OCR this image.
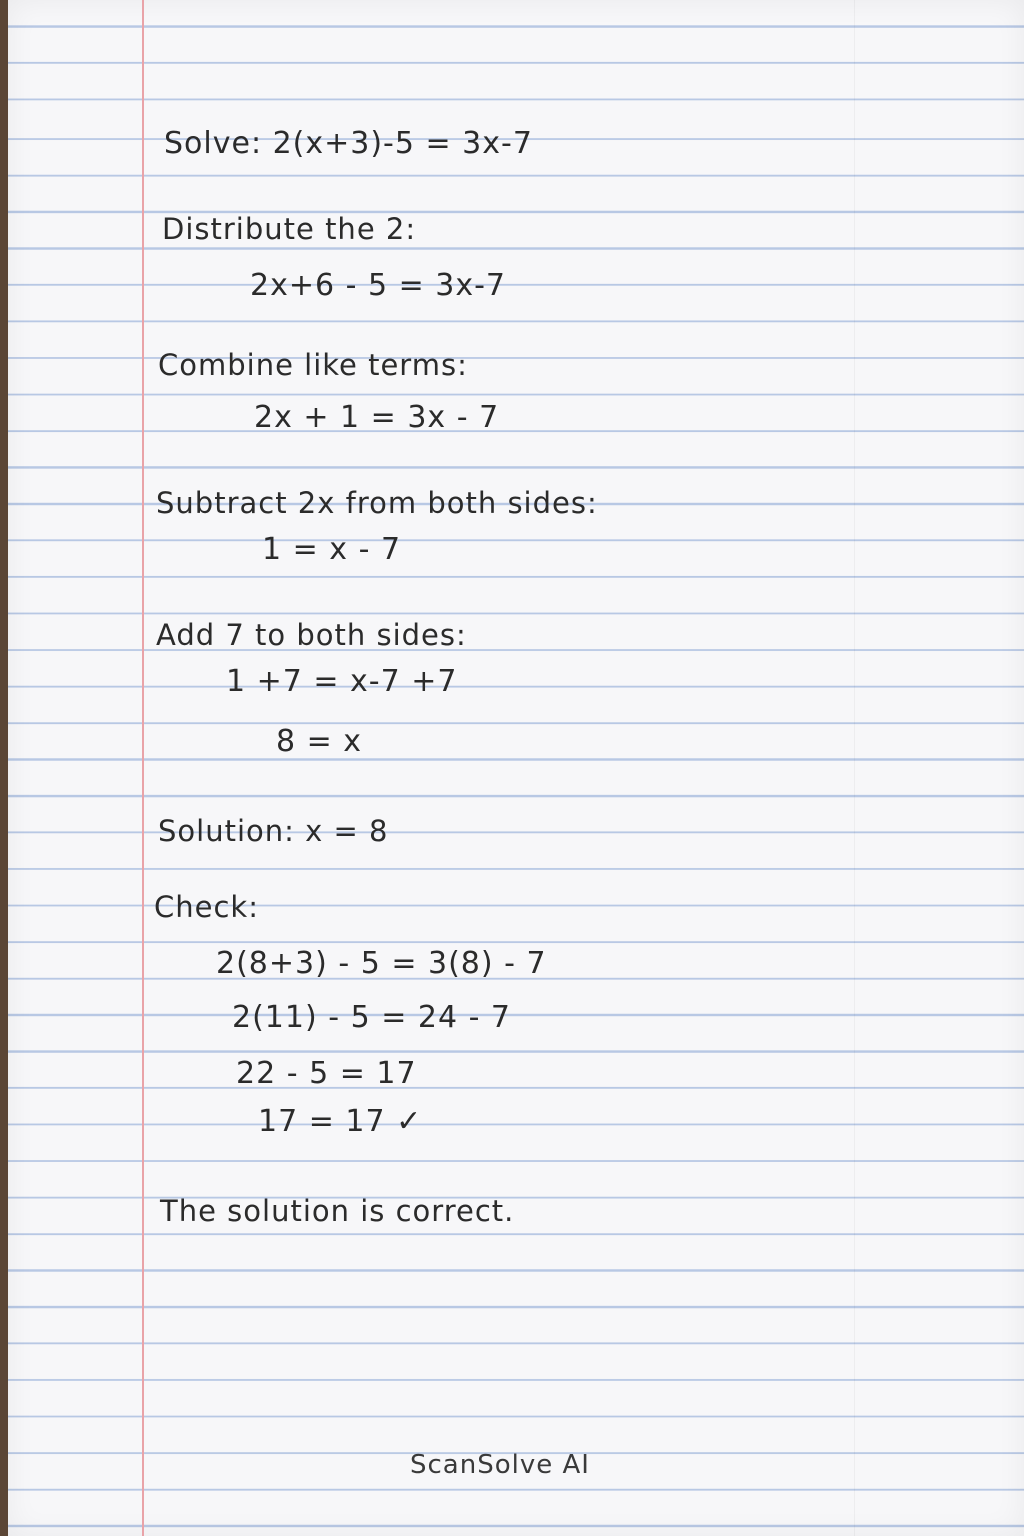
Solve: 2(x+3)-5 = 3x-7
Distribute the 2:
2x+6 - 5 = 3x-7
Combine like terms:
2x + 1 = 3x - 7
Subtract 2x from both sides:
1 = x - 7
Add 7 to both sides:
1 +7 = x-7 +7
8 = x
Solution: x = 8
Check:
2(8+3) - 5 = 3(8) - 7
2(11) - 5 = 24 - 7
22 - 5 = 17
17 = 17 ✓
The solution is correct.
ScanSolve AI
